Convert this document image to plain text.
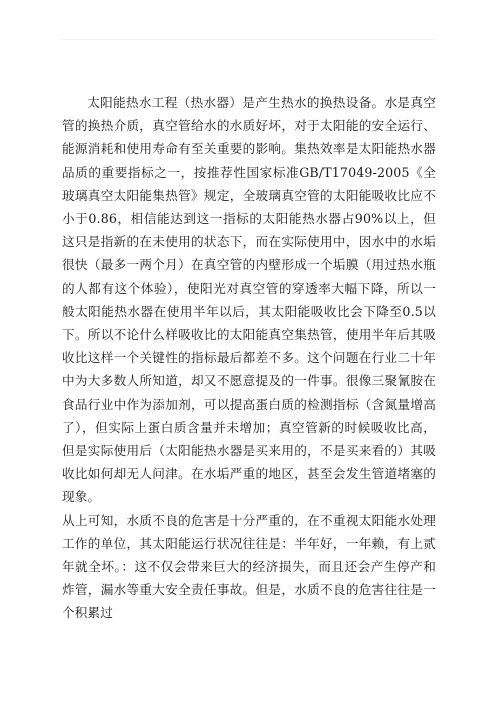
太阳能热水工程（热水器）是产生热水的换热设备。水是真空管的换热介质，真空管给水的水质好坏，对于太阳能的安全运行、能源消耗和使用寿命有至关重要的影响。集热效率是太阳能热水器品质的重要指标之一，按推荐性国家标准GB/T17049-2005《全玻璃真空太阳能集热管》规定，全玻璃真空管的太阳能吸收比应不小于0.86，相信能达到这一指标的太阳能热水器占90%以上，但这只是指新的在未使用的状态下，而在实际使用中，因水中的水垢很快（最多一两个月）在真空管的内壁形成一个垢膜（用过热水瓶的人都有这个体验），使阳光对真空管的穿透率大幅下降，所以一般太阳能热水器在使用半年以后，其太阳能吸收比会下降至0.5以下。所以不论什么样吸收比的太阳能真空集热管，使用半年后其吸收比这样一个关键性的指标最后都差不多。这个问题在行业二十年中为大多数人所知道，却又不愿意提及的一件事。很像三聚氰胺在食品行业中作为添加剂，可以提高蛋白质的检测指标（含氮量增高了），但实际上蛋白质含量并未增加；真空管新的时候吸收比高，但是实际使用后（太阳能热水器是买来用的，不是买来看的）其吸收比如何却无人问津。在水垢严重的地区，甚至会发生管道堵塞的现象。

从上可知，水质不良的危害是十分严重的，在不重视太阳能水处理工作的单位，其太阳能运行状况往往是：半年好，一年赖，有上贰年就全坏。：这不仅会带来巨大的经济损失，而且还会产生停产和炸管，漏水等重大安全责任事故。但是，水质不良的危害往往是一个积累过
